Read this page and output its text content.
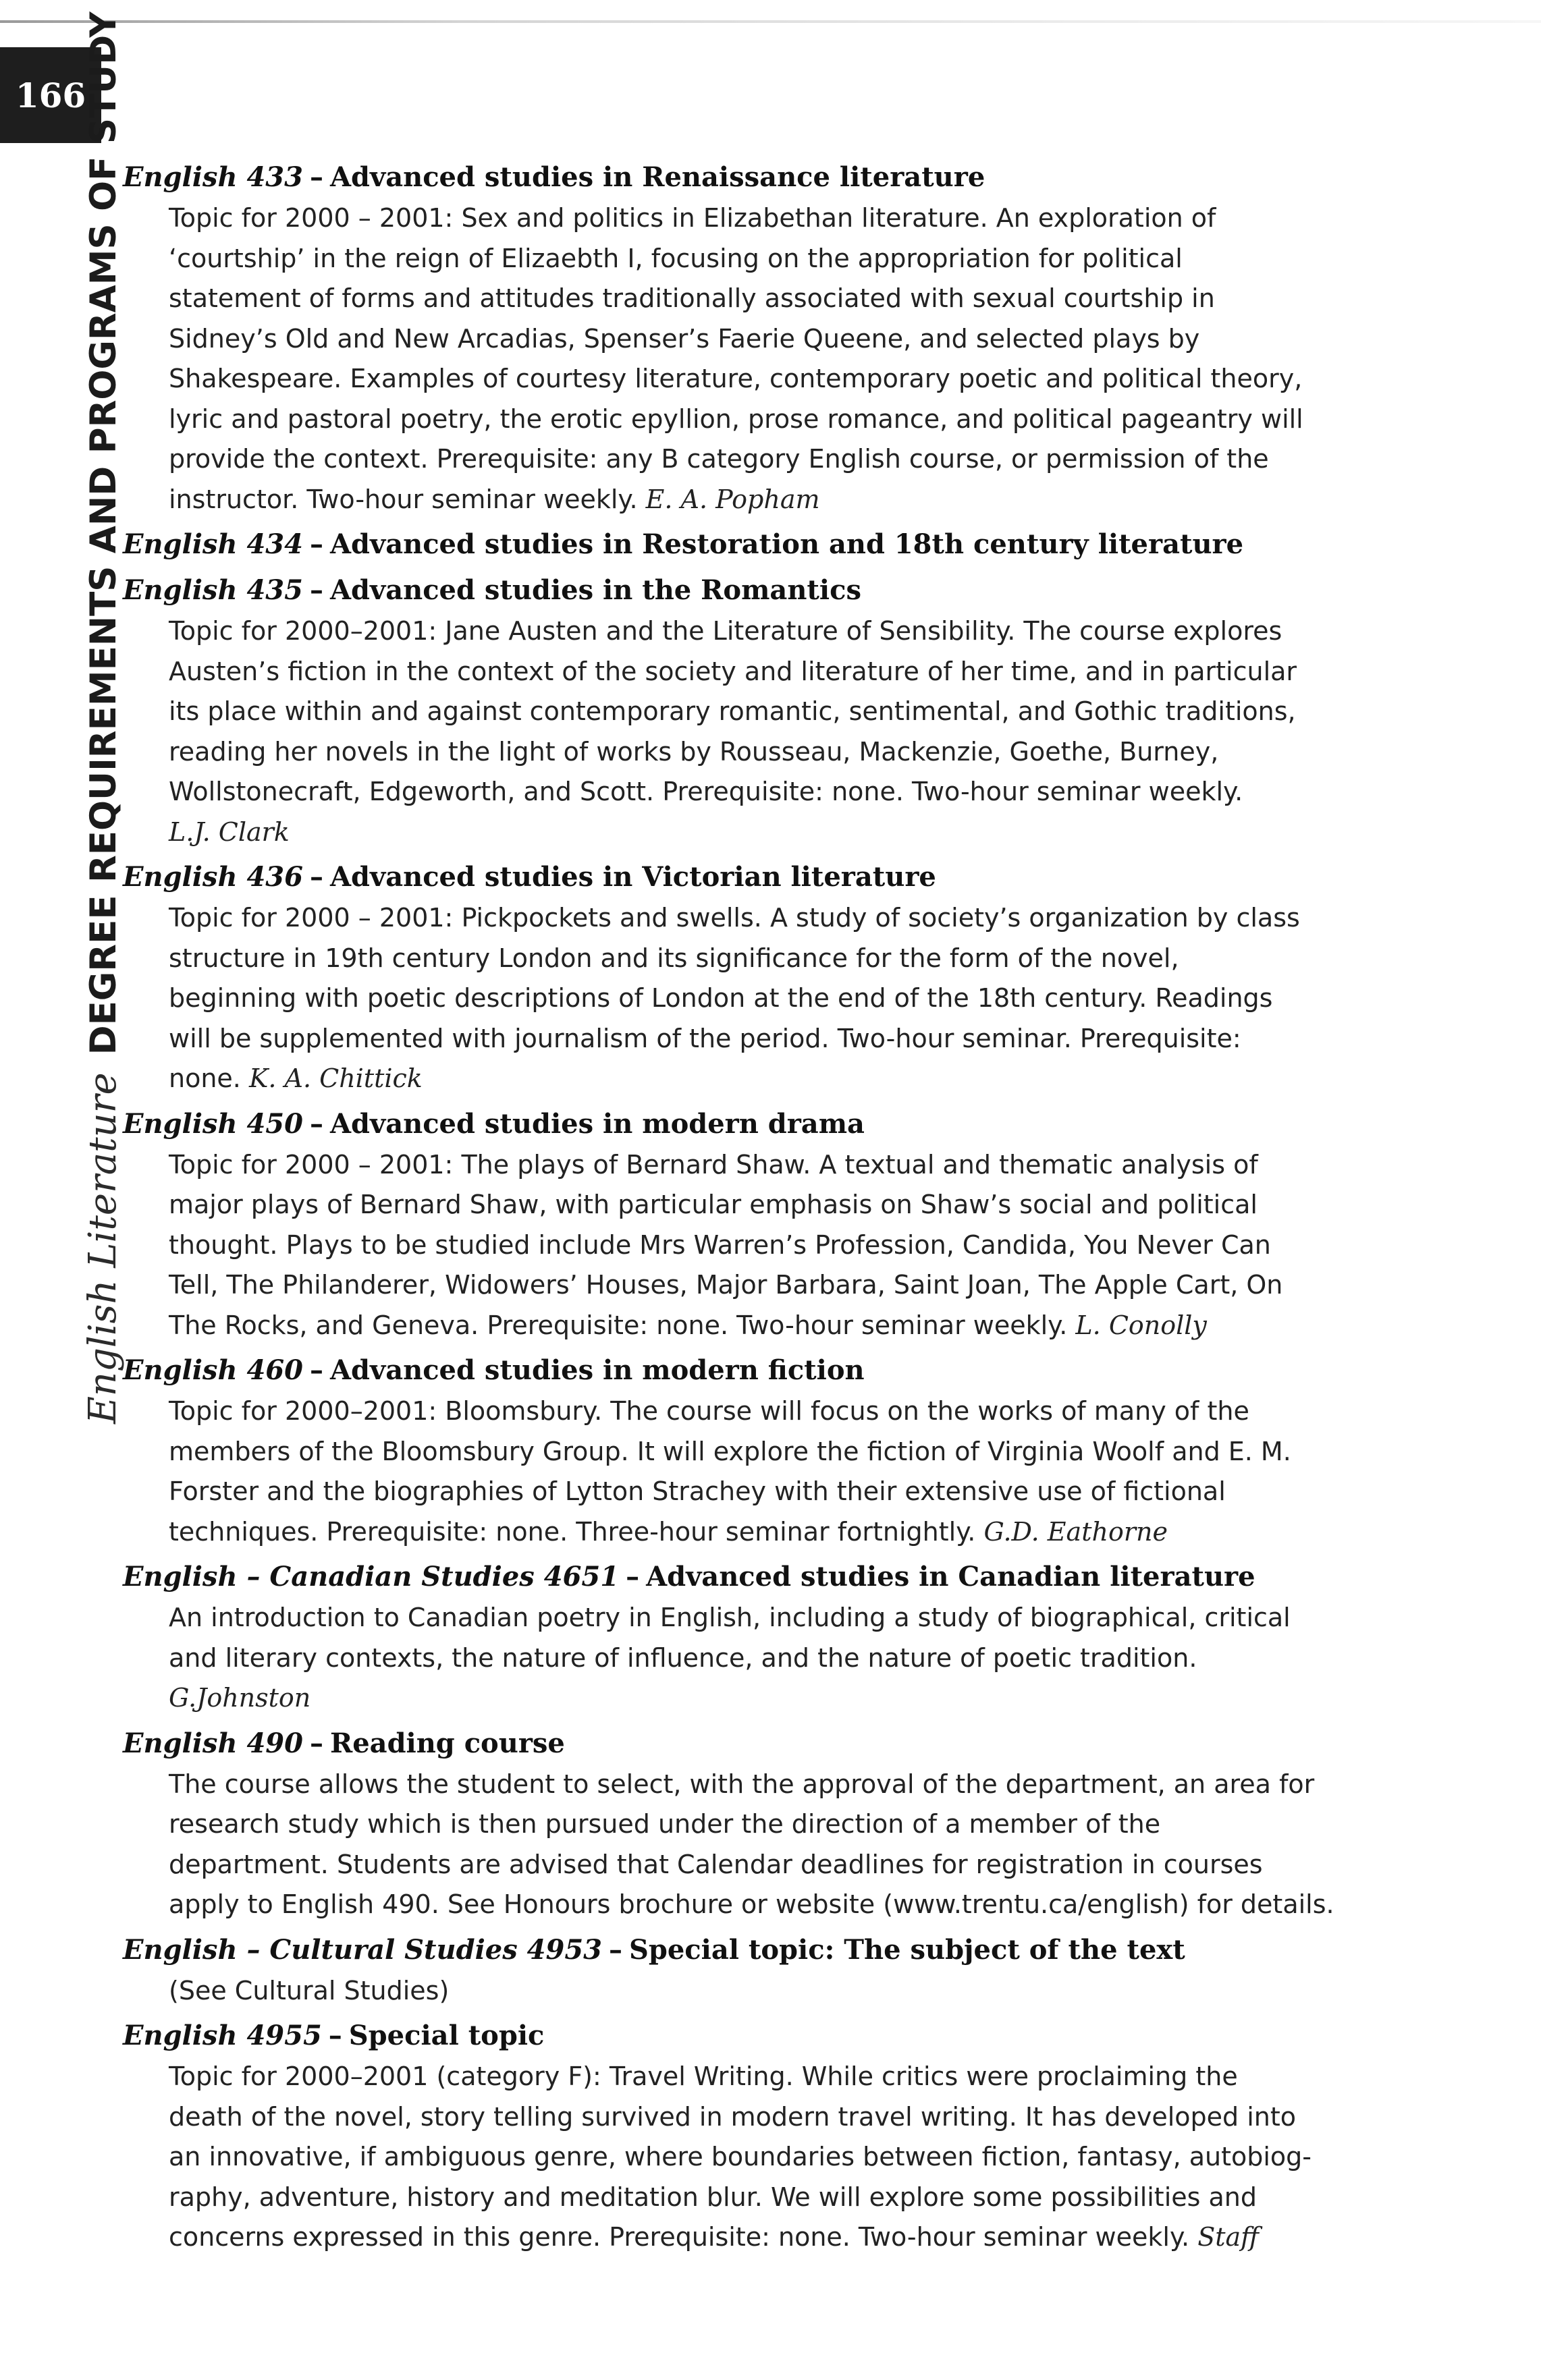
166
English LiteratureDEGREE REQUIREMENTS AND PROGRAMS OF STUDY
English 433 – Advanced studies in Renaissance literature
Topic for 2000 – 2001: Sex and politics in Elizabethan literature. An exploration of
‘courtship’ in the reign of Elizaebth I, focusing on the appropriation for political
statement of forms and attitudes traditionally associated with sexual courtship in
Sidney’s Old and New Arcadias, Spenser’s Faerie Queene, and selected plays by
Shakespeare. Examples of courtesy literature, contemporary poetic and political theory,
lyric and pastoral poetry, the erotic epyllion, prose romance, and political pageantry will
provide the context. Prerequisite: any B category English course, or permission of the
instructor. Two-hour seminar weekly. E. A. Popham
English 434 – Advanced studies in Restoration and 18th century literature
English 435 – Advanced studies in the Romantics
Topic for 2000–2001: Jane Austen and the Literature of Sensibility. The course explores
Austen’s fiction in the context of the society and literature of her time, and in particular
its place within and against contemporary romantic, sentimental, and Gothic traditions,
reading her novels in the light of works by Rousseau, Mackenzie, Goethe, Burney,
Wollstonecraft, Edgeworth, and Scott. Prerequisite: none. Two-hour seminar weekly.
L.J. Clark
English 436 – Advanced studies in Victorian literature
Topic for 2000 – 2001: Pickpockets and swells. A study of society’s organization by class
structure in 19th century London and its significance for the form of the novel,
beginning with poetic descriptions of London at the end of the 18th century. Readings
will be supplemented with journalism of the period. Two-hour seminar. Prerequisite:
none. K. A. Chittick
English 450 – Advanced studies in modern drama
Topic for 2000 – 2001: The plays of Bernard Shaw. A textual and thematic analysis of
major plays of Bernard Shaw, with particular emphasis on Shaw’s social and political
thought. Plays to be studied include Mrs Warren’s Profession, Candida, You Never Can
Tell, The Philanderer, Widowers’ Houses, Major Barbara, Saint Joan, The Apple Cart, On
The Rocks, and Geneva. Prerequisite: none. Two-hour seminar weekly. L. Conolly
English 460 – Advanced studies in modern fiction
Topic for 2000–2001: Bloomsbury. The course will focus on the works of many of the
members of the Bloomsbury Group. It will explore the fiction of Virginia Woolf and E. M.
Forster and the biographies of Lytton Strachey with their extensive use of fictional
techniques. Prerequisite: none. Three-hour seminar fortnightly. G.D. Eathorne
English – Canadian Studies 4651 – Advanced studies in Canadian literature
An introduction to Canadian poetry in English, including a study of biographical, critical
and literary contexts, the nature of influence, and the nature of poetic tradition.
G.Johnston
English 490 – Reading course
The course allows the student to select, with the approval of the department, an area for
research study which is then pursued under the direction of a member of the
department. Students are advised that Calendar deadlines for registration in courses
apply to English 490. See Honours brochure or website (www.trentu.ca/english) for details.
English – Cultural Studies 4953 – Special topic: The subject of the text
(See Cultural Studies)
English 4955 – Special topic
Topic for 2000–2001 (category F): Travel Writing. While critics were proclaiming the
death of the novel, story telling survived in modern travel writing. It has developed into
an innovative, if ambiguous genre, where boundaries between fiction, fantasy, autobiog-
raphy, adventure, history and meditation blur. We will explore some possibilities and
concerns expressed in this genre. Prerequisite: none. Two-hour seminar weekly. Staff
